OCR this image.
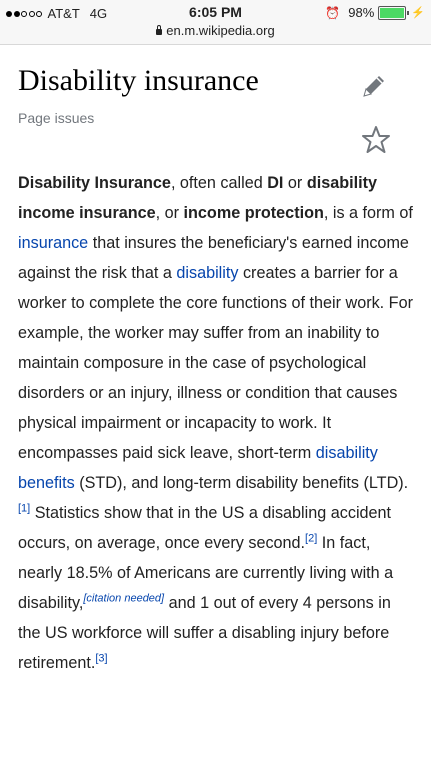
AT&T 4G	6:05 PM	⏰ 98%	⚡
en.m.wikipedia.org
Disability insurance
Page issues

Disability Insurance, often called DI or disability income insurance, or income protection, is a form of insurance that insures the beneficiary's earned income against the risk that a disability creates a barrier for a worker to complete the core functions of their work. For example, the worker may suffer from an inability to maintain composure in the case of psychological disorders or an injury, illness or condition that causes physical impairment or incapacity to work. It encompasses paid sick leave, short-term disability benefits (STD), and long-term disability benefits (LTD).[1] Statistics show that in the US a disabling accident occurs, on average, once every second.[2] In fact, nearly 18.5% of Americans are currently living with a disability,[citation needed] and 1 out of every 4 persons in the US workforce will suffer a disabling injury before retirement.[3]
